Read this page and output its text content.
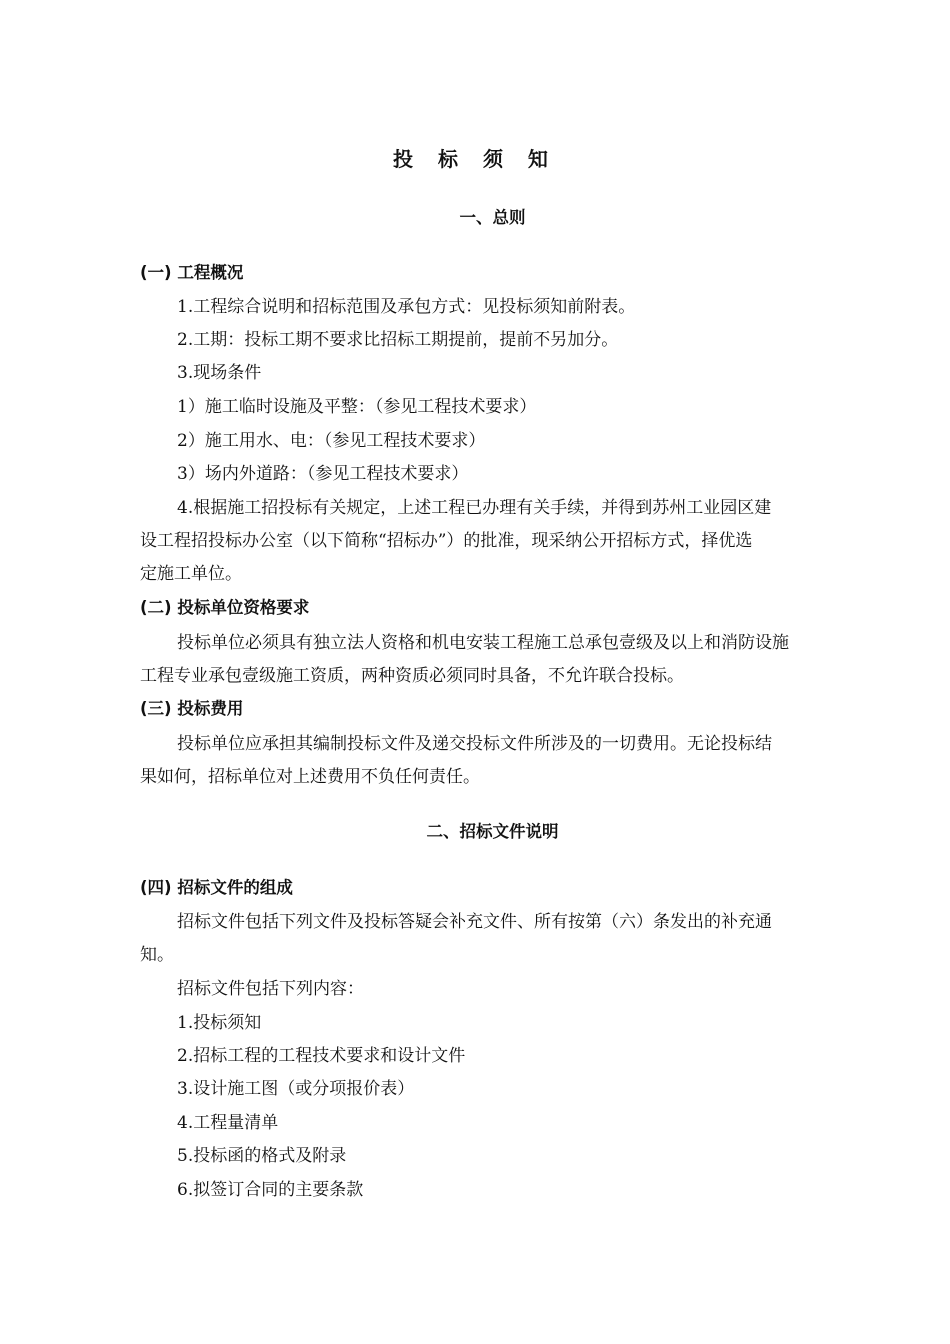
投 标 须 知
一、总则
(一) 工程概况
1.工程综合说明和招标范围及承包方式：见投标须知前附表。
2.工期：投标工期不要求比招标工期提前，提前不另加分。
3.现场条件
1）施工临时设施及平整：（参见工程技术要求）
2）施工用水、电：（参见工程技术要求）
3）场内外道路：（参见工程技术要求）
4.根据施工招投标有关规定，上述工程已办理有关手续，并得到苏州工业园区建
设工程招投标办公室（以下简称“招标办”）的批准，现采纳公开招标方式，择优选
定施工单位。
(二) 投标单位资格要求
投标单位必须具有独立法人资格和机电安装工程施工总承包壹级及以上和消防设施
工程专业承包壹级施工资质，两种资质必须同时具备，不允许联合投标。
(三) 投标费用
投标单位应承担其编制投标文件及递交投标文件所涉及的一切费用。无论投标结
果如何，招标单位对上述费用不负任何责任。
二、招标文件说明
(四) 招标文件的组成
招标文件包括下列文件及投标答疑会补充文件、所有按第（六）条发出的补充通
知。
招标文件包括下列内容：
1.投标须知
2.招标工程的工程技术要求和设计文件
3.设计施工图（或分项报价表）
4.工程量清单
5.投标函的格式及附录
6.拟签订合同的主要条款
